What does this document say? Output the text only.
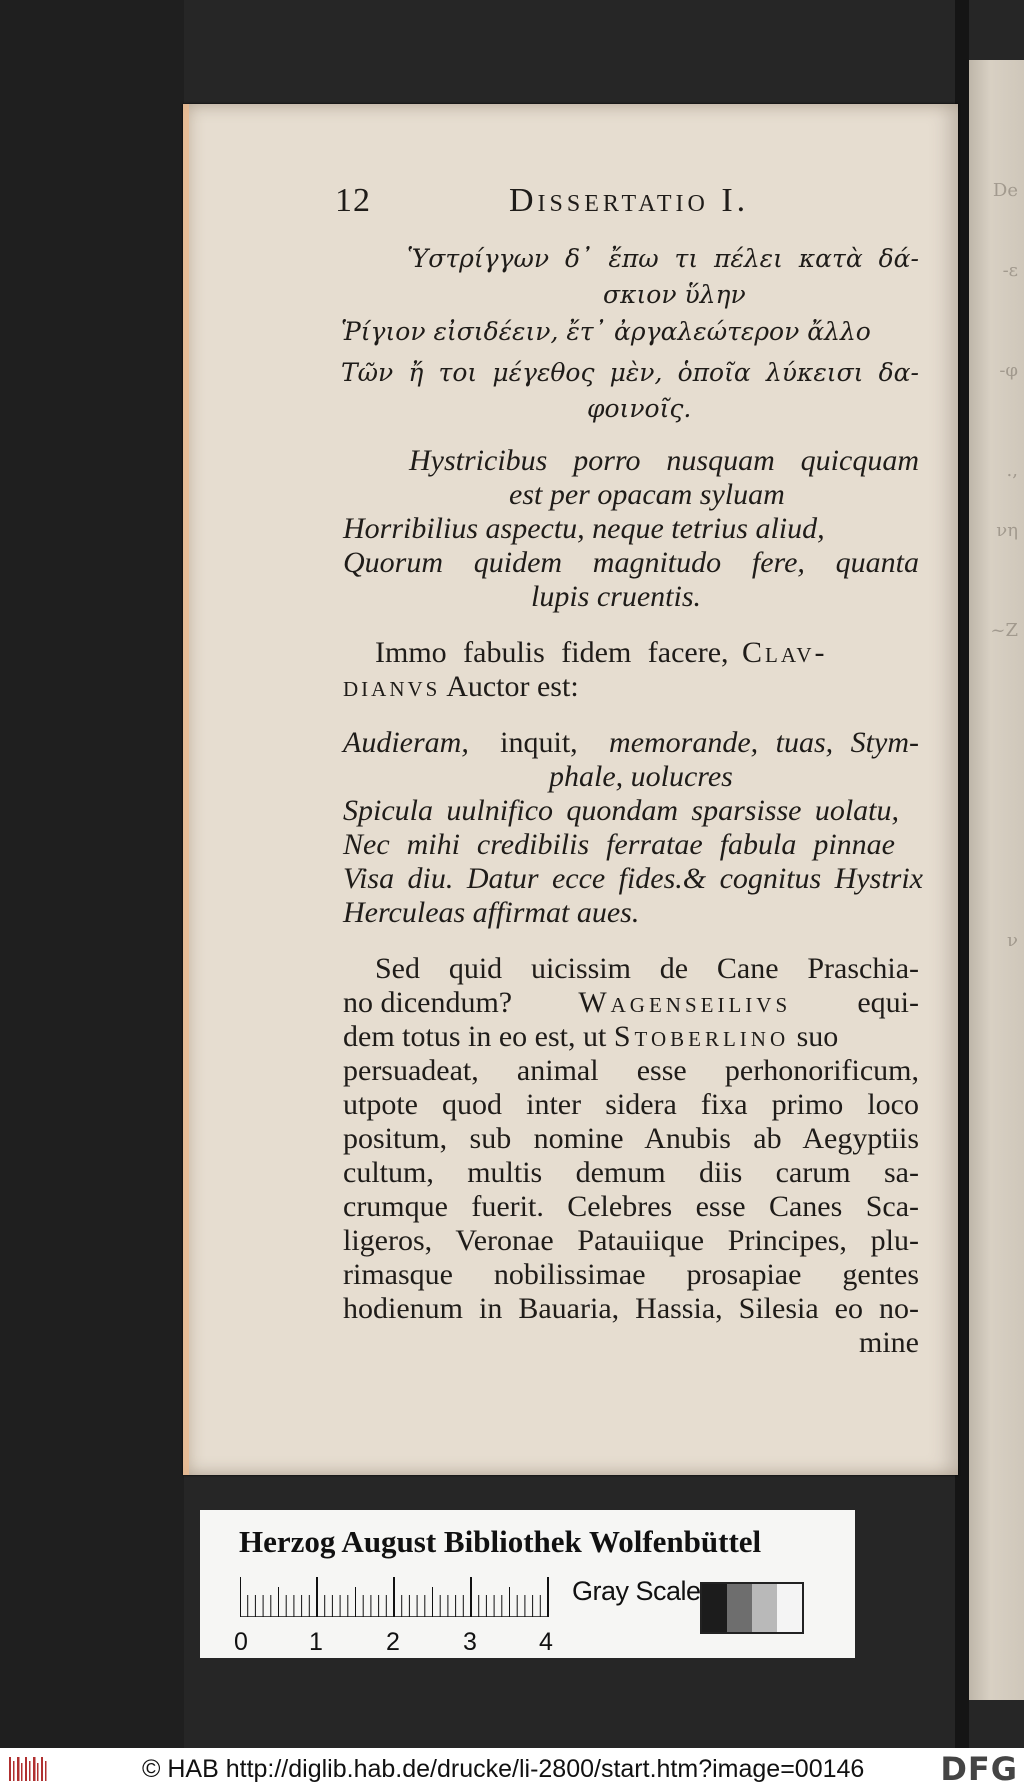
De
-ε
-φ
.,
νη
~Z
ν
12	Dissertatio I.
Ὑστρίγγων δ᾽ ἔπω τι πέλει κατὰ δά-
σκιον ὕλην
Ῥίγιον εἰσιδέειν, ἔτ᾽ ἀργαλεώτερον ἄλλο
Τῶν ἤ τοι μέγεθος μὲν, ὁποῖα λύκεισι δα-
φοινοῖς.
Hystricibus porro nusquam quicquam
est per opacam syluam
Horribilius aspectu, neque tetrius aliud,
Quorum quidem magnitudo fere, quanta
lupis cruentis.
Immo fabulis fidem facere, Clav-
dianvs Auctor est:
Audieram, inquit, memorande, tuas, Stym-
phale, uolucres
Spicula uulnifico quondam sparsisse uolatu,
Nec mihi credibilis ferratae fabula pinnae
Visa diu. Datur ecce fides.& cognitus Hystrix
Herculeas affirmat aues.
Sed quid uicissim de Cane Praschia-
no dicendum? Wagenseilivs equi-
dem totus in eo est, ut Stoberlino suo
persuadeat, animal esse perhonorificum,
utpote quod inter sidera fixa primo loco
positum, sub nomine Anubis ab Aegyptiis
cultum, multis demum diis carum sa-
crumque fuerit. Celebres esse Canes Sca-
ligeros, Veronae Patauiique Principes, plu-
rimasque nobilissimae prosapiae gentes
hodienum in Bauaria, Hassia, Silesia eo no-
mine
Herzog August Bibliothek Wolfenbüttel
0 1	2	3 4
Gray Scale
© HAB http://diglib.hab.de/drucke/li-2800/start.htm?image=00146 DFG
